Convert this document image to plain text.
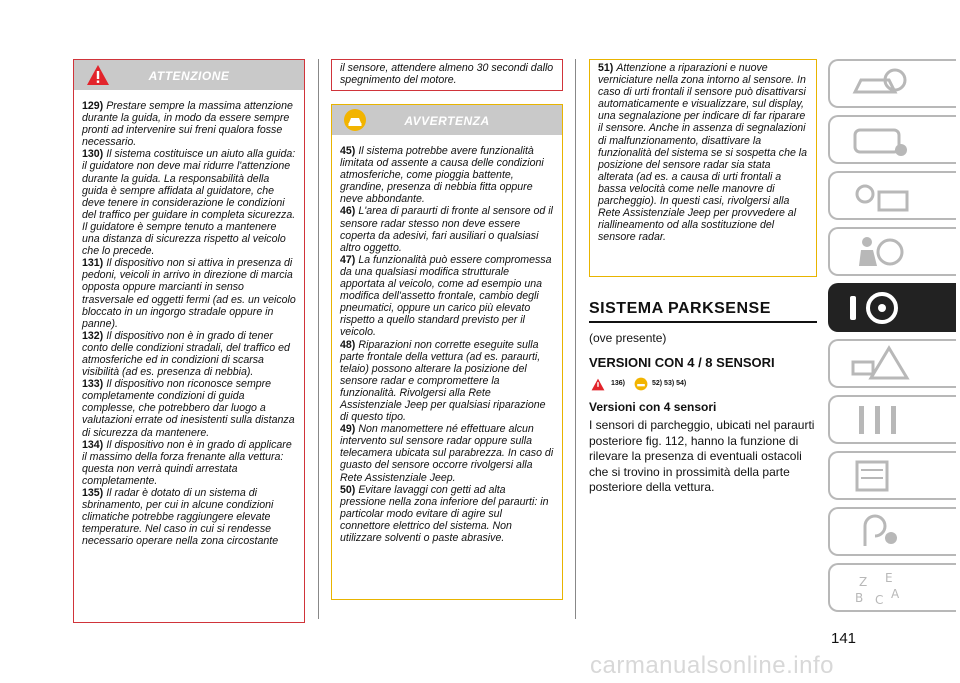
ATTENZIONE

129) Prestare sempre la massima attenzione durante la guida, in modo da essere sempre pronti ad intervenire sui freni qualora fosse necessario.

130) Il sistema costituisce un aiuto alla guida: il guidatore non deve mai ridurre l'attenzione durante la guida. La responsabilità della guida è sempre affidata al guidatore, che deve tenere in considerazione le condizioni del traffico per guidare in completa sicurezza. Il guidatore è sempre tenuto a mantenere una distanza di sicurezza rispetto al veicolo che lo precede.

131) Il dispositivo non si attiva in presenza di pedoni, veicoli in arrivo in direzione di marcia opposta oppure marcianti in senso trasversale ed oggetti fermi (ad es. un veicolo bloccato in un ingorgo stradale oppure in panne).

132) Il dispositivo non è in grado di tener conto delle condizioni stradali, del traffico ed atmosferiche ed in condizioni di scarsa visibilità (ad es. presenza di nebbia).

133) Il dispositivo non riconosce sempre completamente condizioni di guida complesse, che potrebbero dar luogo a valutazioni errate od inesistenti sulla distanza di sicurezza da mantenere.

134) Il dispositivo non è in grado di applicare il massimo della forza frenante alla vettura: questa non verrà quindi arrestata completamente.

135) Il radar è dotato di un sistema di sbrinamento, per cui in alcune condizioni climatiche potrebbe raggiungere elevate temperature. Nel caso in cui si rendesse necessario operare nella zona circostante

il sensore, attendere almeno 30 secondi dallo spegnimento del motore.
AVVERTENZA

45) Il sistema potrebbe avere funzionalità limitata od assente a causa delle condizioni atmosferiche, come pioggia battente, grandine, presenza di nebbia fitta oppure neve abbondante.

46) L'area di paraurti di fronte al sensore od il sensore radar stesso non deve essere coperta da adesivi, fari ausiliari o qualsiasi altro oggetto.

47) La funzionalità può essere compromessa da una qualsiasi modifica strutturale apportata al veicolo, come ad esempio una modifica dell'assetto frontale, cambio degli pneumatici, oppure un carico più elevato rispetto a quello standard previsto per il veicolo.

48) Riparazioni non corrette eseguite sulla parte frontale della vettura (ad es. paraurti, telaio) possono alterare la posizione del sensore radar e compromettere la funzionalità. Rivolgersi alla Rete Assistenziale Jeep per qualsiasi riparazione di questo tipo.

49) Non manomettere né effettuare alcun intervento sul sensore radar oppure sulla telecamera ubicata sul parabrezza. In caso di guasto del sensore occorre rivolgersi alla Rete Assistenziale Jeep.

50) Evitare lavaggi con getti ad alta pressione nella zona inferiore del paraurti: in particolar modo evitare di agire sul connettore elettrico del sistema. Non utilizzare solventi o paste abrasive.

51) Attenzione a riparazioni e nuove verniciature nella zona intorno al sensore. In caso di urti frontali il sensore può disattivarsi automaticamente e visualizzare, sul display, una segnalazione per indicare di far riparare il sensore. Anche in assenza di segnalazioni di malfunzionamento, disattivare la funzionalità del sistema se si sospetta che la posizione del sensore radar sia stata alterata (ad es. a causa di urti frontali a bassa velocità come nelle manovre di parcheggio). In questi casi, rivolgersi alla Rete Assistenziale Jeep per provvedere al riallineamento od alla sostituzione del sensore radar.
SISTEMA PARKSENSE
(ove presente)
VERSIONI CON 4 / 8 SENSORI
136)	52) 53) 54)
Versioni con 4 sensori
I sensori di parcheggio, ubicati nel paraurti posteriore fig. 112, hanno la funzione di rilevare la presenza di eventuali ostacoli che si trovino in prossimità della parte posteriore della vettura.
Z E
B C A
141
carmanualsonline.info
